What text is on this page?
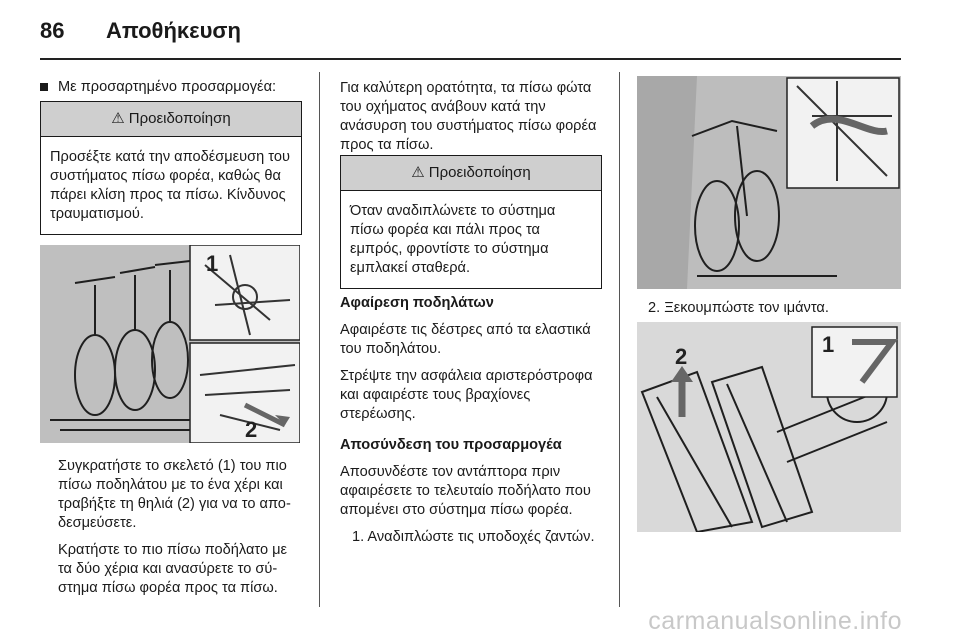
86 Αποθήκευση
Με προσαρτημένο προσαρμογέα:
⚠ Προειδοποίηση
Προσέξτε κατά την αποδέσμευση του συστήματος πίσω φορέα, καθώς θα πάρει κλίση προς τα πίσω. Κίνδυνος τραυματισμού.
1
2

Συγκρατήστε το σκελετό (1) του πιο πίσω ποδηλάτου με το ένα χέρι και τραβήξτε τη θηλιά (2) για να το αποδεσμεύσετε.

Κρατήστε το πιο πίσω ποδήλατο με τα δύο χέρια και ανασύρετε το σύστημα πίσω φορέα προς τα πίσω.

Για καλύτερη ορατότητα, τα πίσω φώτα του οχήματος ανάβουν κατά την ανάσυρση του συστήματος πίσω φορέα προς τα πίσω.
⚠ Προειδοποίηση
Όταν αναδιπλώνετε το σύστημα πίσω φορέα και πάλι προς τα εμπρός, φροντίστε το σύστημα εμπλακεί σταθερά.

Αφαίρεση ποδηλάτων

Αφαιρέστε τις δέστρες από τα ελαστικά του ποδηλάτου.

Στρέψτε την ασφάλεια αριστερόστροφα και αφαιρέστε τους βραχίονες στερέωσης.

Αποσύνδεση του προσαρμογέα

Αποσυνδέστε τον αντάπτορα πριν αφαιρέσετε το τελευταίο ποδήλατο που απομένει στο σύστημα πίσω φορέα.

1. Αναδιπλώστε τις υποδοχές ζαντών.

2. Ξεκουμπώστε τον ιμάντα.
2	1
carmanualsonline.info
